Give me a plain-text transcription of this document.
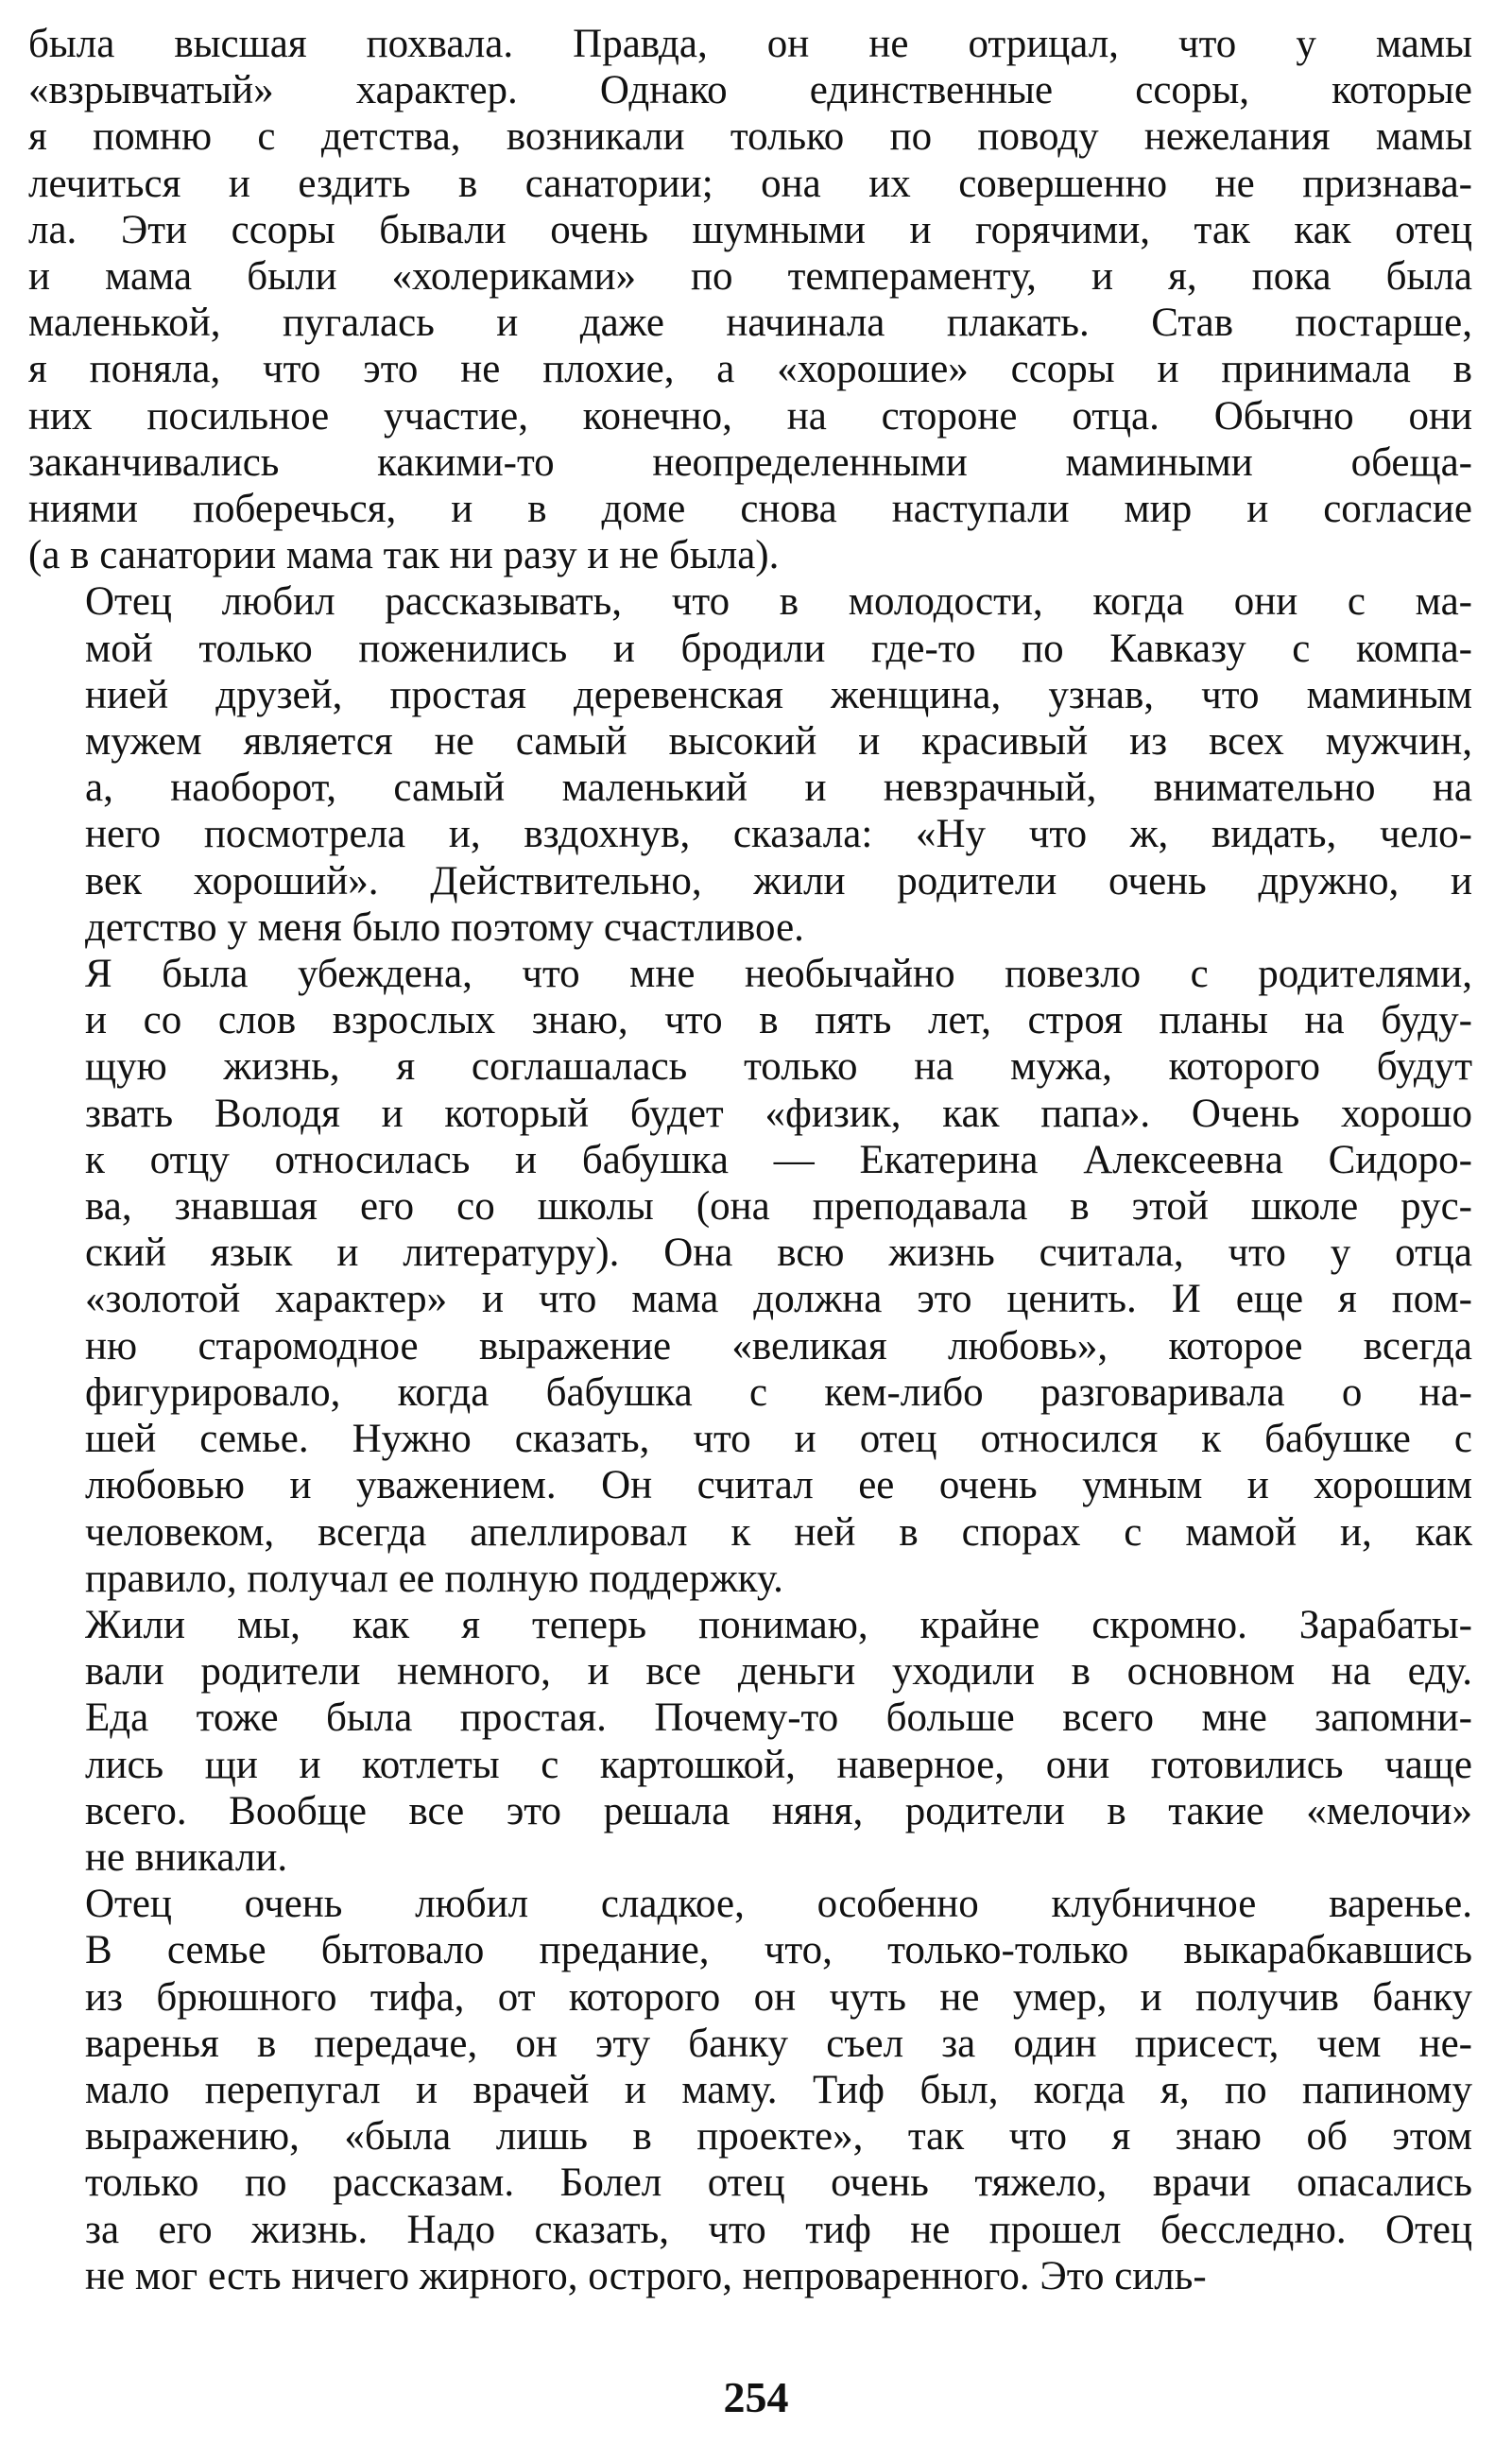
была высшая похвала. Правда, он не отрицал, что у мамы
«взрывчатый» характер. Однако единственные ссоры, которые
я помню с детства, возникали только по поводу нежелания мамы
лечиться и ездить в санатории; она их совершенно не признава-
ла. Эти ссоры бывали очень шумными и горячими, так как отец
и мама были «холериками» по темпераменту, и я, пока была
маленькой, пугалась и даже начинала плакать. Став постарше,
я поняла, что это не плохие, а «хорошие» ссоры и принимала в
них посильное участие, конечно, на стороне отца. Обычно они
заканчивались какими-то неопределенными мамиными обеща-
ниями поберечься, и в доме снова наступали мир и согласие
(а в санатории мама так ни разу и не была).
Отец любил рассказывать, что в молодости, когда они с ма-
мой только поженились и бродили где-то по Кавказу с компа-
нией друзей, простая деревенская женщина, узнав, что маминым
мужем является не самый высокий и красивый из всех мужчин,
а, наоборот, самый маленький и невзрачный, внимательно на
него посмотрела и, вздохнув, сказала: «Ну что ж, видать, чело-
век хороший». Действительно, жили родители очень дружно, и
детство у меня было поэтому счастливое.
Я была убеждена, что мне необычайно повезло с родителями,
и со слов взрослых знаю, что в пять лет, строя планы на буду-
щую жизнь, я соглашалась только на мужа, которого будут
звать Володя и который будет «физик, как папа». Очень хорошо
к отцу относилась и бабушка — Екатерина Алексеевна Сидоро-
ва, знавшая его со школы (она преподавала в этой школе рус-
ский язык и литературу). Она всю жизнь считала, что у отца
«золотой характер» и что мама должна это ценить. И еще я пом-
ню старомодное выражение «великая любовь», которое всегда
фигурировало, когда бабушка с кем-либо разговаривала о на-
шей семье. Нужно сказать, что и отец относился к бабушке с
любовью и уважением. Он считал ее очень умным и хорошим
человеком, всегда апеллировал к ней в спорах с мамой и, как
правило, получал ее полную поддержку.
Жили мы, как я теперь понимаю, крайне скромно. Зарабаты-
вали родители немного, и все деньги уходили в основном на еду.
Еда тоже была простая. Почему-то больше всего мне запомни-
лись щи и котлеты с картошкой, наверное, они готовились чаще
всего. Вообще все это решала няня, родители в такие «мелочи»
не вникали.
Отец очень любил сладкое, особенно клубничное варенье.
В семье бытовало предание, что, только-только выкарабкавшись
из брюшного тифа, от которого он чуть не умер, и получив банку
варенья в передаче, он эту банку съел за один присест, чем не-
мало перепугал и врачей и маму. Тиф был, когда я, по папиному
выражению, «была лишь в проекте», так что я знаю об этом
только по рассказам. Болел отец очень тяжело, врачи опасались
за его жизнь. Надо сказать, что тиф не прошел бесследно. Отец
не мог есть ничего жирного, острого, непроваренного. Это силь-
254
